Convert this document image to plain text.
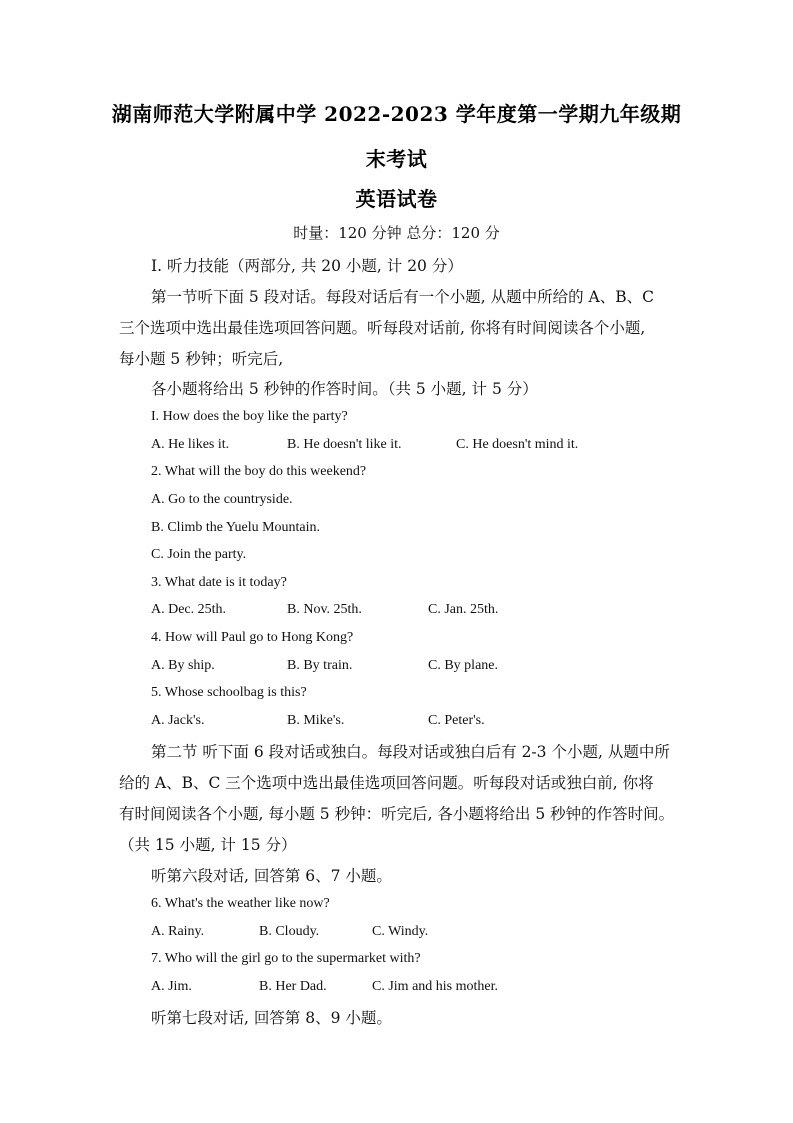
湖南师范大学附属中学 2022-2023 学年度第一学期九年级期
末考试
英语试卷
时量：120 分钟 总分：120 分
I. 听力技能（两部分, 共 20 小题, 计 20 分）
第一节听下面 5 段对话。每段对话后有一个小题, 从题中所给的 A、B、C
三个选项中选出最佳选项回答问题。听每段对话前, 你将有时间阅读各个小题,
每小题 5 秒钟；听完后,
各小题将给出 5 秒钟的作答时间。（共 5 小题, 计 5 分）
I. How does the boy like the party?
A. He likes it.	B. He doesn't like it.	C. He doesn't mind it.
2. What will the boy do this weekend?
A. Go to the countryside.
B. Climb the Yuelu Mountain.
C. Join the party.
3. What date is it today?
A. Dec. 25th.	B. Nov. 25th.	C. Jan. 25th.
4. How will Paul go to Hong Kong?
A. By ship.	B. By train.	C. By plane.
5. Whose schoolbag is this?
A. Jack's.	B. Mike's.	C. Peter's.
第二节 听下面 6 段对话或独白。每段对话或独白后有 2-3 个小题, 从题中所
给的 A、B、C 三个选项中选出最佳选项回答问题。听每段对话或独白前, 你将
有时间阅读各个小题, 每小题 5 秒钟：听完后, 各小题将给出 5 秒钟的作答时间。
（共 15 小题, 计 15 分）
听第六段对话, 回答第 6、7 小题。
6. What's the weather like now?
A. Rainy.	B. Cloudy.	C. Windy.
7. Who will the girl go to the supermarket with?
A. Jim.	B. Her Dad.	C. Jim and his mother.
听第七段对话, 回答第 8、9 小题。
